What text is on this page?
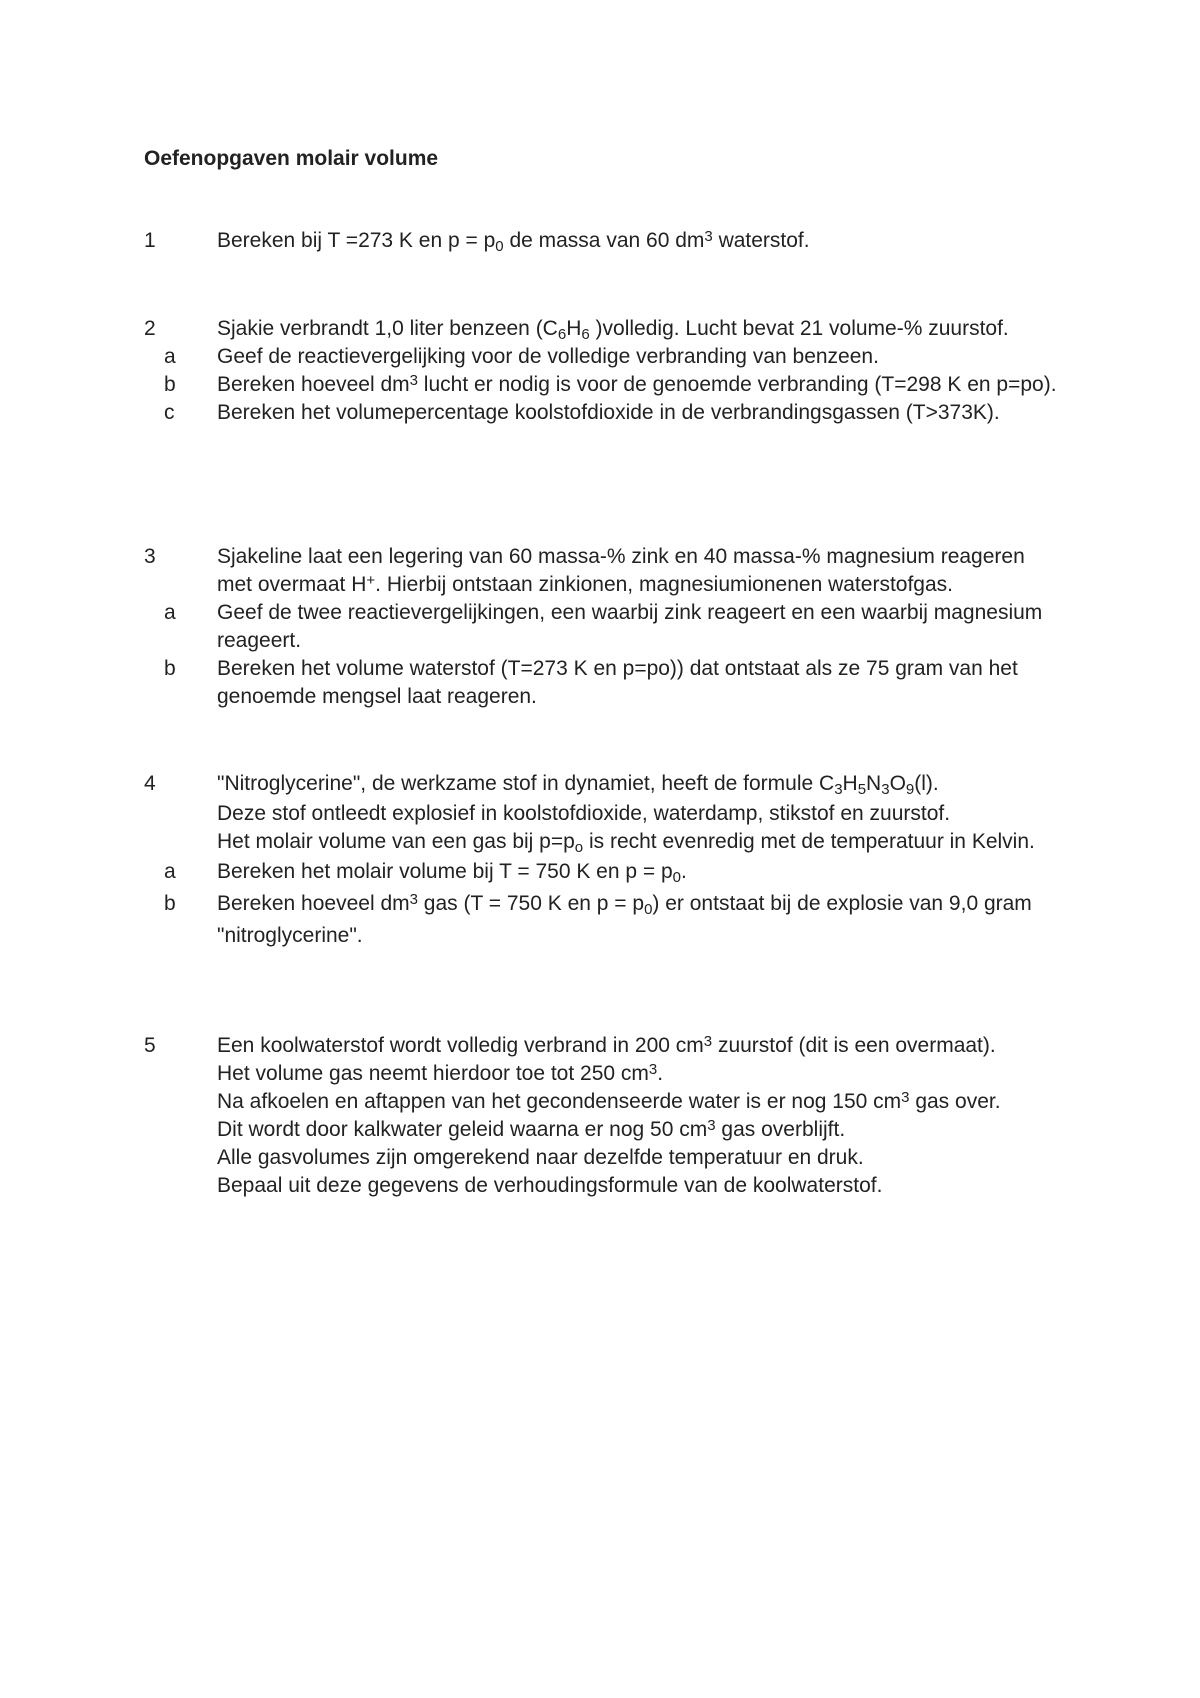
Oefenopgaven molair volume
1	Bereken bij T =273 K en $p = p_0$ de massa van 60 $dm^3$ waterstof.
2	Sjakie verbrandt 1,0 liter benzeen ($C_6H_6$ )volledig. Lucht bevat 21 volume-% zuurstof.
a Geef de reactievergelijking voor de volledige verbranding van benzeen.
b Bereken hoeveel $dm^3$ lucht er nodig is voor de genoemde verbranding (T=298 K en p=po).
c Bereken het volumepercentage koolstofdioxide in de verbrandingsgassen (T>373K).
3	Sjakeline laat een legering van 60 massa-% zink en 40 massa-% magnesium reageren met overmaat H+. Hierbij ontstaan zinkionen, magnesiumionenen waterstofgas.
a Geef de twee reactievergelijkingen, een waarbij zink reageert en een waarbij magnesium reageert.
b Bereken het volume waterstof (T=273 K en p=po)) dat ontstaat als ze 75 gram van het genoemde mengsel laat reageren.
4	"Nitroglycerine", de werkzame stof in dynamiet, heeft de formule $C_3H_5N_3O_9(l)$.
Deze stof ontleedt explosief in koolstofdioxide, waterdamp, stikstof en zuurstof.
Het molair volume van een gas bij $p=p_o$ is recht evenredig met de temperatuur in Kelvin.
a Bereken het molair volume bij T = 750 K en $p = p_0$.
b Bereken hoeveel $dm^3$ gas (T = 750 K en $p = p_0$) er ontstaat bij de explosie van 9,0 gram "nitroglycerine".
5	Een koolwaterstof wordt volledig verbrand in 200 $cm^3$ zuurstof (dit is een overmaat).
Het volume gas neemt hierdoor toe tot 250 $cm^3$.
Na afkoelen en aftappen van het gecondenseerde water is er nog 150 $cm^3$ gas over.
Dit wordt door kalkwater geleid waarna er nog 50 $cm^3$ gas overblijft.
Alle gasvolumes zijn omgerekend naar dezelfde temperatuur en druk.
Bepaal uit deze gegevens de verhoudingsformule van de koolwaterstof.
